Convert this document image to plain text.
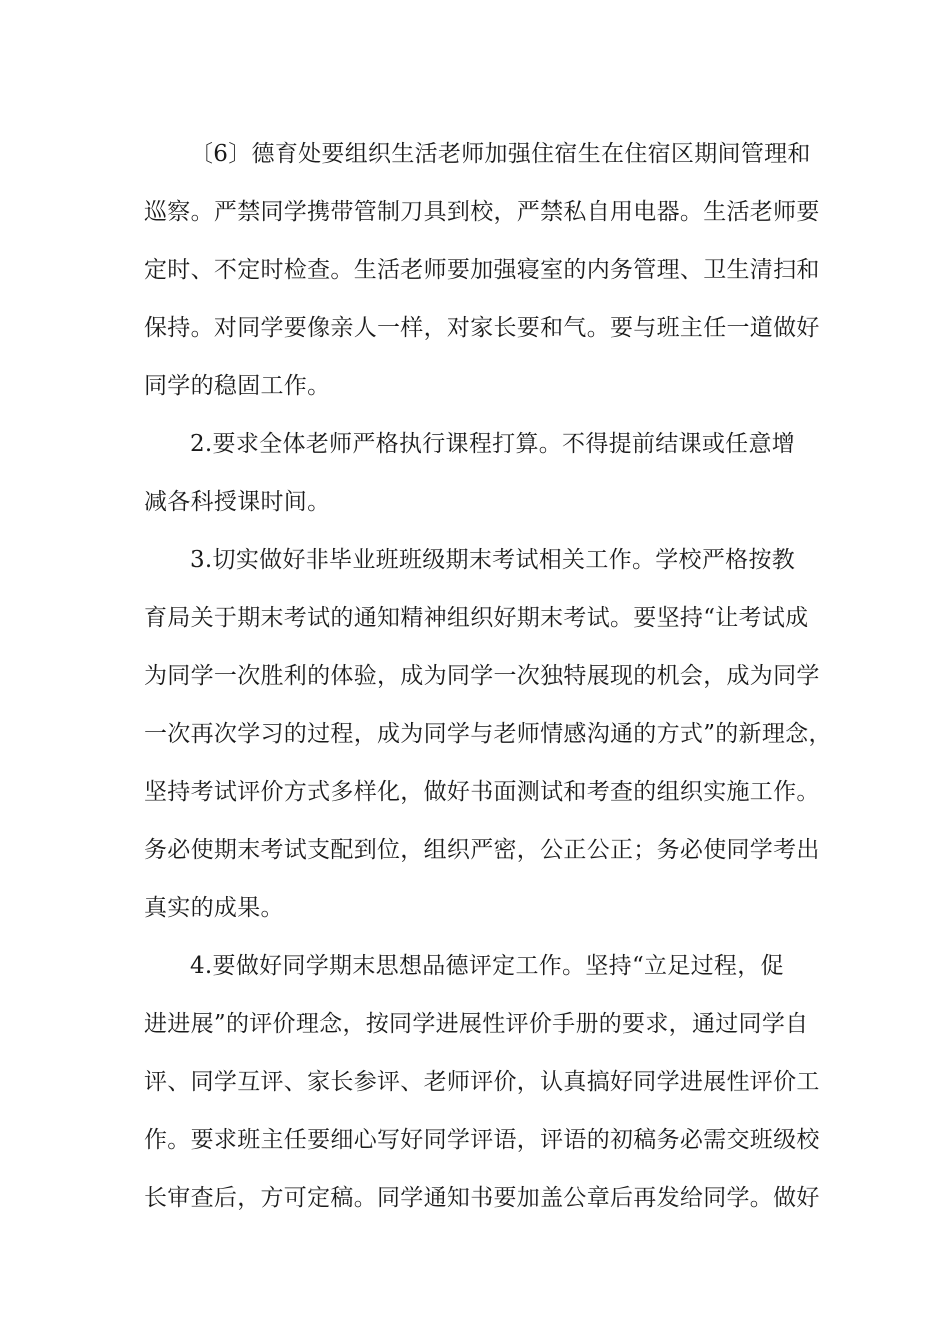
〔6〕德育处要组织生活老师加强住宿生在住宿区期间管理和
巡察。严禁同学携带管制刀具到校，严禁私自用电器。生活老师要
定时、不定时检查。生活老师要加强寝室的内务管理、卫生清扫和
保持。对同学要像亲人一样，对家长要和气。要与班主任一道做好
同学的稳固工作。
2.要求全体老师严格执行课程打算。不得提前结课或任意增
减各科授课时间。
3.切实做好非毕业班班级期末考试相关工作。学校严格按教
育局关于期末考试的通知精神组织好期末考试。要坚持“让考试成
为同学一次胜利的体验，成为同学一次独特展现的机会，成为同学
一次再次学习的过程，成为同学与老师情感沟通的方式”的新理念，
坚持考试评价方式多样化，做好书面测试和考查的组织实施工作。
务必使期末考试支配到位，组织严密，公正公正；务必使同学考出
真实的成果。
4.要做好同学期末思想品德评定工作。坚持“立足过程，促
进进展”的评价理念，按同学进展性评价手册的要求，通过同学自
评、同学互评、家长参评、老师评价，认真搞好同学进展性评价工
作。要求班主任要细心写好同学评语，评语的初稿务必需交班级校
长审查后，方可定稿。同学通知书要加盖公章后再发给同学。做好
